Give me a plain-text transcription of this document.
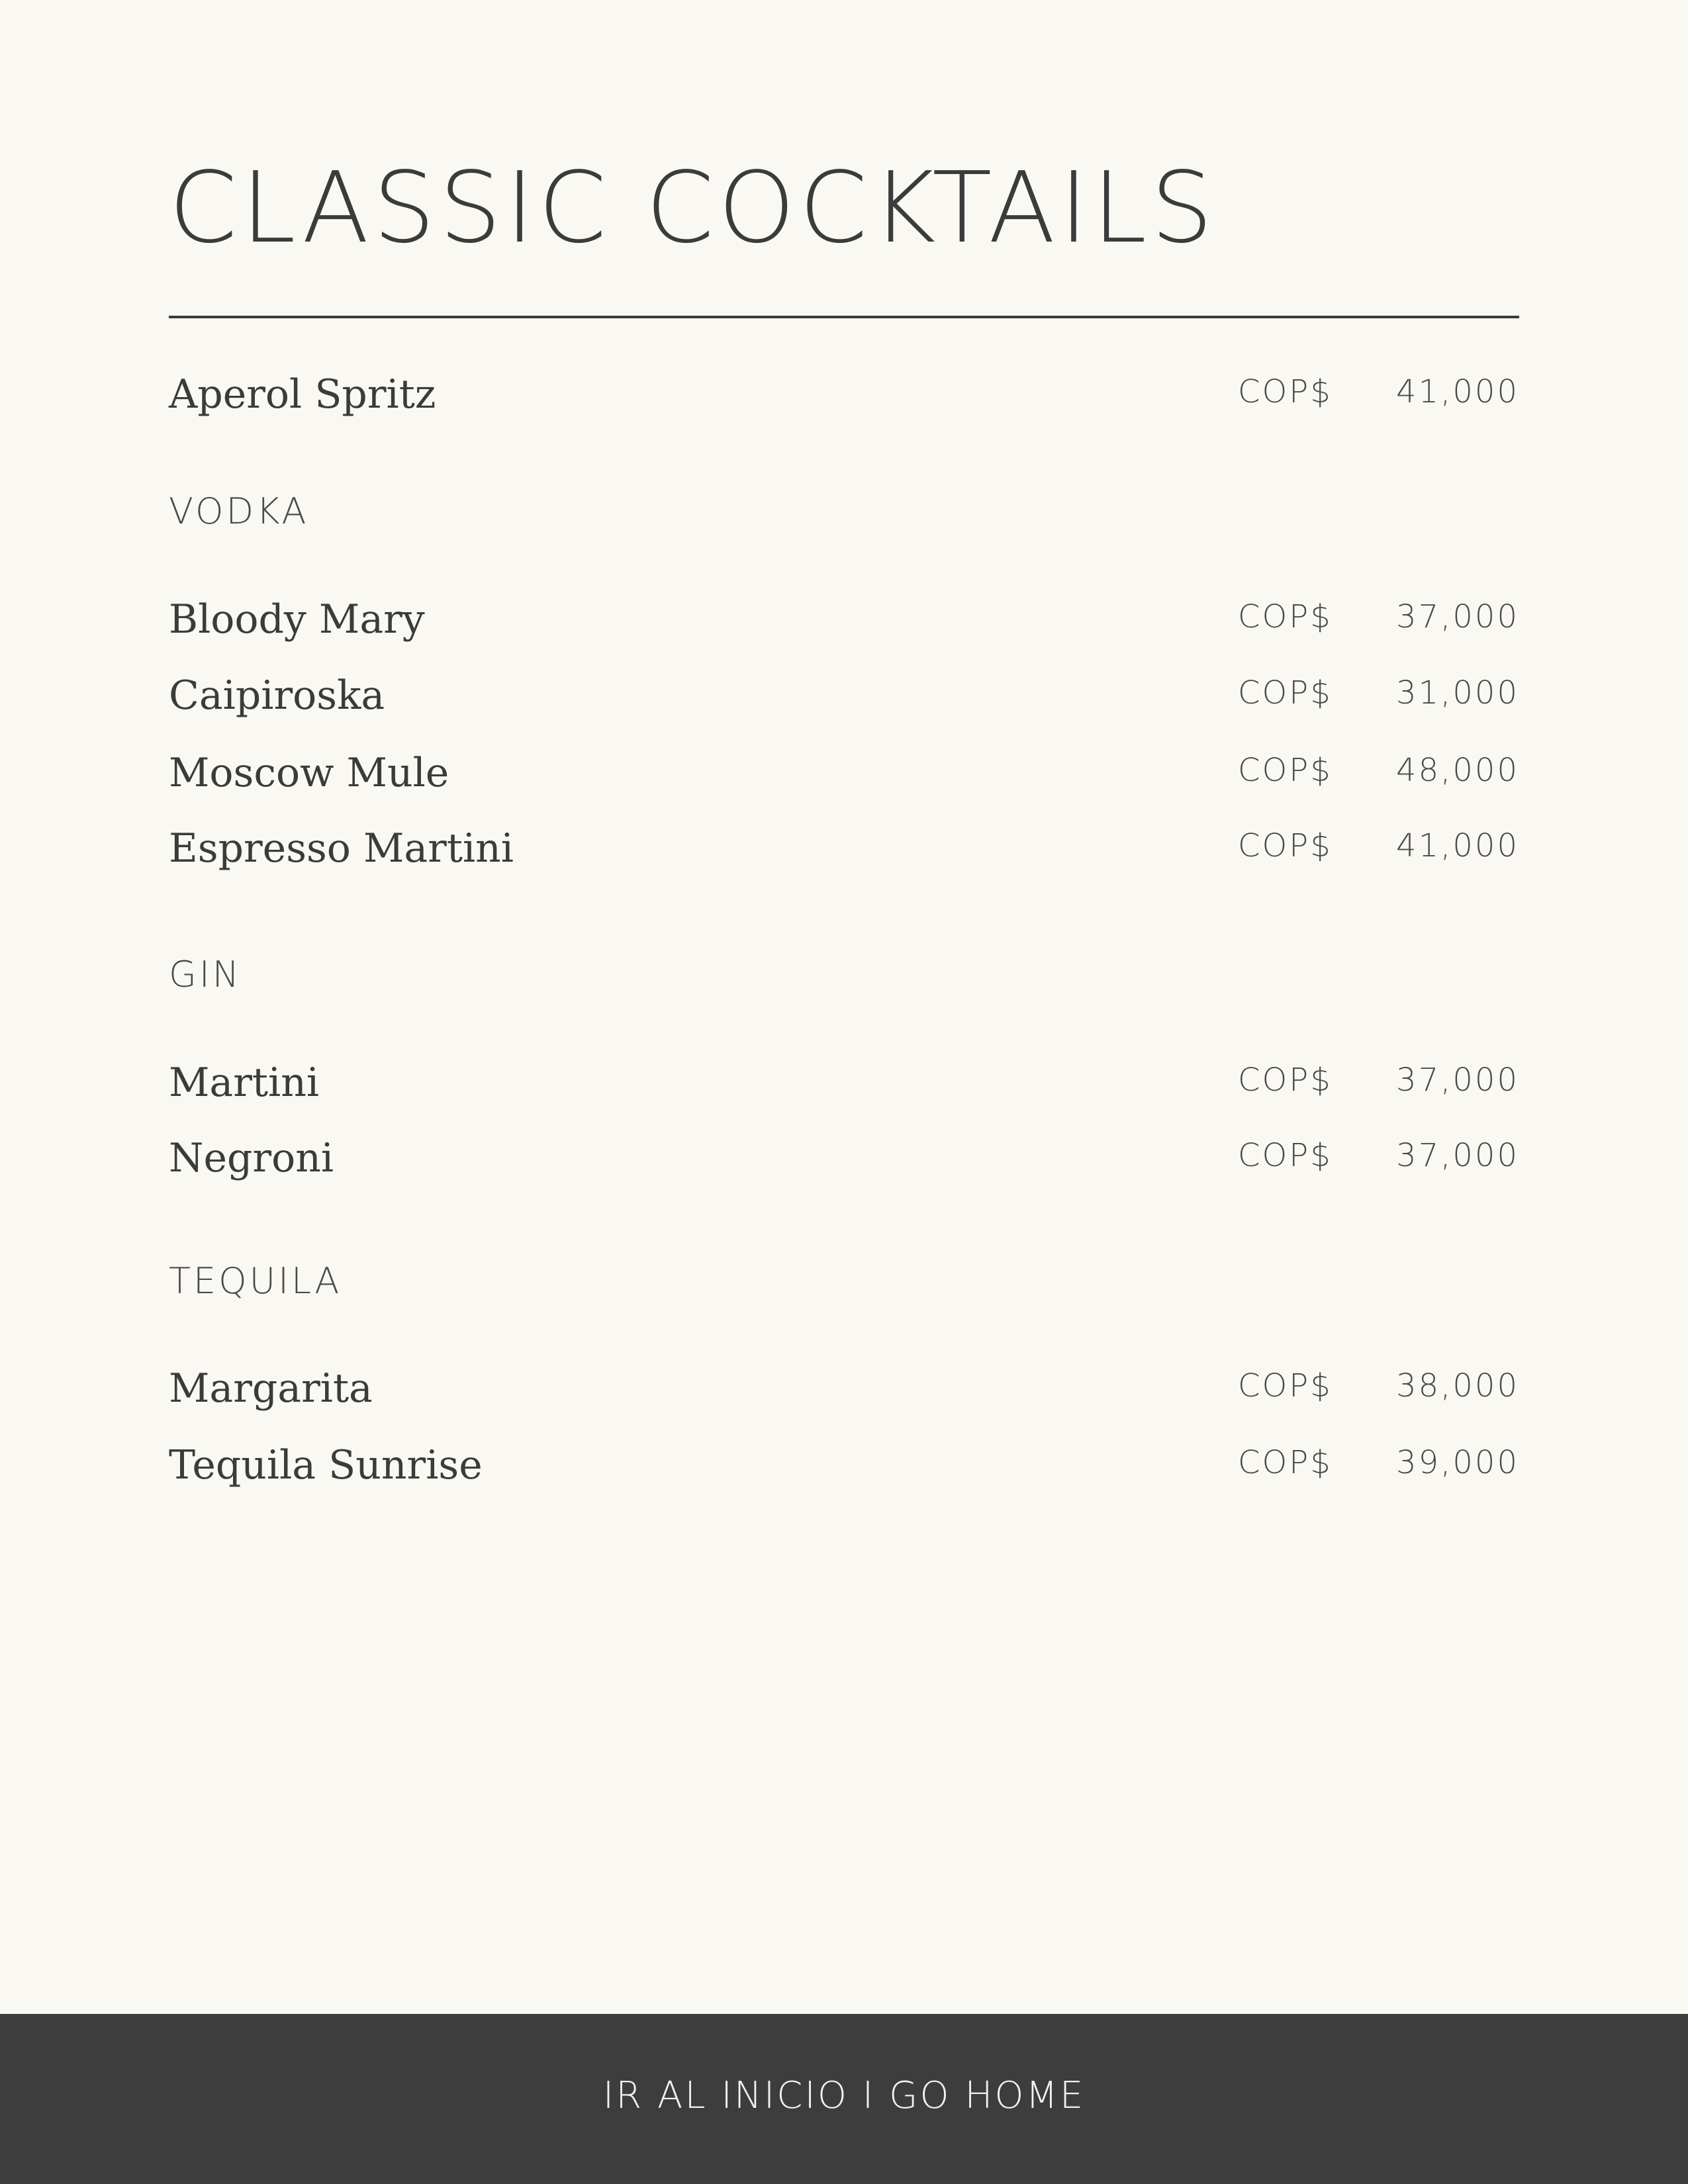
CLASSIC COCKTAILS
Aperol Spritz	COP$ 41,000
VODKA
Bloody Mary	COP$ 37,000
Caipiroska	COP$ 31,000
Moscow Mule	COP$ 48,000
Espresso Martini	COP$ 41,000
GIN
Martini	COP$ 37,000
Negroni	COP$ 37,000
TEQUILA
Margarita	COP$ 38,000
Tequila Sunrise	COP$ 39,000
IR AL INICIO I GO HOME
